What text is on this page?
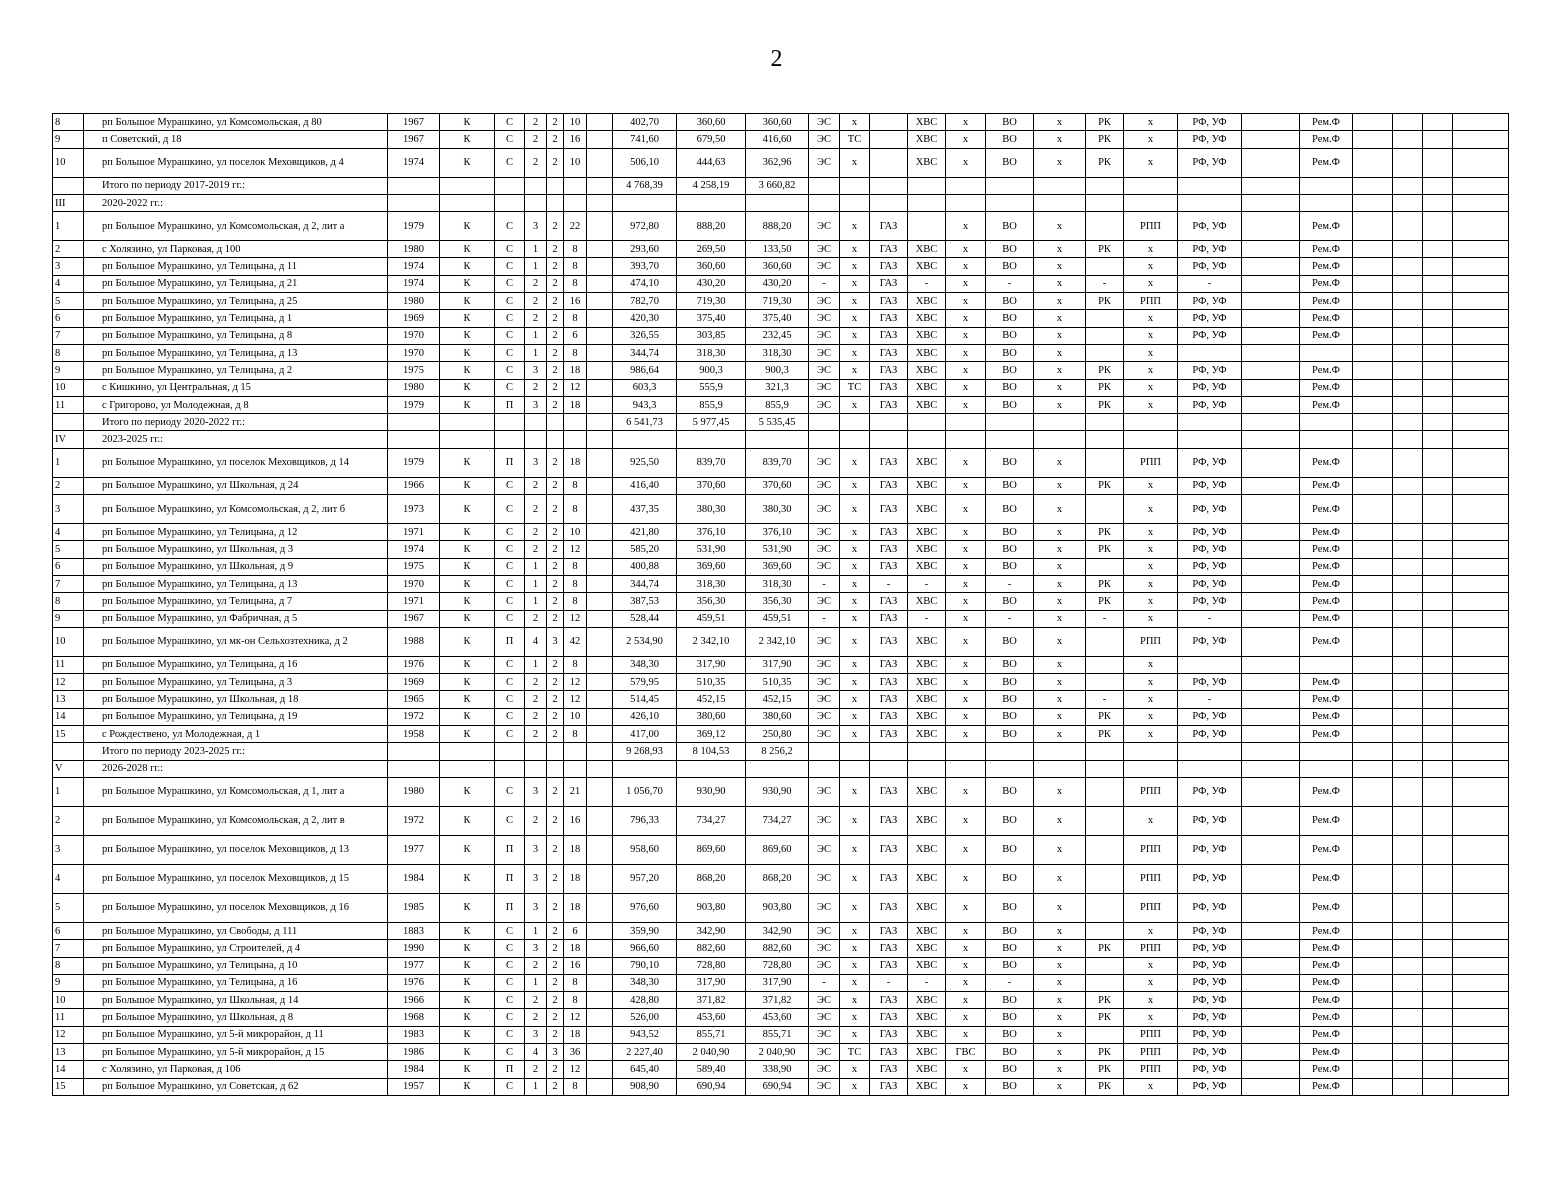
2
8	рп Большое Мурашкино, ул Комсомольская, д 80	1967	К	С	2	2	10		402,70	360,60	360,60	ЭС	х		ХВС	х	ВО	х	РК	х	РФ, УФ		Рем.Ф				
9	п Советский, д 18	1967	К	С	2	2	16		741,60	679,50	416,60	ЭС	ТС		ХВС	х	ВО	х	РК	х	РФ, УФ		Рем.Ф				
10	рп Большое Мурашкино, ул поселок Меховщиков, д 4	1974	К	С	2	2	10		506,10	444,63	362,96	ЭС	х		ХВС	х	ВО	х	РК	х	РФ, УФ		Рем.Ф				
	Итого по периоду 2017-2019 гг.:								4 768,39	4 258,19	3 660,82																
III	2020-2022 гг.:																										
1	рп Большое Мурашкино, ул Комсомольская, д 2, лит а	1979	К	С	3	2	22		972,80	888,20	888,20	ЭС	х	ГАЗ		х	ВО	х		РПП	РФ, УФ		Рем.Ф				
2	с Холязино, ул Парковая, д 100	1980	К	С	1	2	8		293,60	269,50	133,50	ЭС	х	ГАЗ	ХВС	х	ВО	х	РК	х	РФ, УФ		Рем.Ф				
3	рп Большое Мурашкино, ул Телицына, д 11	1974	К	С	1	2	8		393,70	360,60	360,60	ЭС	х	ГАЗ	ХВС	х	ВО	х		х	РФ, УФ		Рем.Ф				
4	рп Большое Мурашкино, ул Телицына, д 21	1974	К	С	2	2	8		474,10	430,20	430,20	-	х	ГАЗ	-	х	-	х	-	х	-		Рем.Ф				
5	рп Большое Мурашкино, ул Телицына, д 25	1980	К	С	2	2	16		782,70	719,30	719,30	ЭС	х	ГАЗ	ХВС	х	ВО	х	РК	РПП	РФ, УФ		Рем.Ф				
6	рп Большое Мурашкино, ул Телицына, д 1	1969	К	С	2	2	8		420,30	375,40	375,40	ЭС	х	ГАЗ	ХВС	х	ВО	х		х	РФ, УФ		Рем.Ф				
7	рп Большое Мурашкино, ул Телицына, д 8	1970	К	С	1	2	6		326,55	303,85	232,45	ЭС	х	ГАЗ	ХВС	х	ВО	х		х	РФ, УФ		Рем.Ф				
8	рп Большое Мурашкино, ул Телицына, д 13	1970	К	С	1	2	8		344,74	318,30	318,30	ЭС	х	ГАЗ	ХВС	х	ВО	х		х							
9	рп Большое Мурашкино, ул Телицына, д 2	1975	К	С	3	2	18		986,64	900,3	900,3	ЭС	х	ГАЗ	ХВС	х	ВО	х	РК	х	РФ, УФ		Рем.Ф				
10	с Кишкино, ул Центральная, д 15	1980	К	С	2	2	12		603,3	555,9	321,3	ЭС	ТС	ГАЗ	ХВС	х	ВО	х	РК	х	РФ, УФ		Рем.Ф				
11	с Григорово, ул Молодежная, д 8	1979	К	П	3	2	18		943,3	855,9	855,9	ЭС	х	ГАЗ	ХВС	х	ВО	х	РК	х	РФ, УФ		Рем.Ф				
	Итого по периоду 2020-2022 гг.:								6 541,73	5 977,45	5 535,45																
IV	2023-2025 гг.:																										
1	рп Большое Мурашкино, ул поселок Меховщиков, д 14	1979	К	П	3	2	18		925,50	839,70	839,70	ЭС	х	ГАЗ	ХВС	х	ВО	х		РПП	РФ, УФ		Рем.Ф				
2	рп Большое Мурашкино, ул Школьная, д 24	1966	К	С	2	2	8		416,40	370,60	370,60	ЭС	х	ГАЗ	ХВС	х	ВО	х	РК	х	РФ, УФ		Рем.Ф				
3	рп Большое Мурашкино, ул Комсомольская, д 2, лит б	1973	К	С	2	2	8		437,35	380,30	380,30	ЭС	х	ГАЗ	ХВС	х	ВО	х		х	РФ, УФ		Рем.Ф				
4	рп Большое Мурашкино, ул Телицына, д 12	1971	К	С	2	2	10		421,80	376,10	376,10	ЭС	х	ГАЗ	ХВС	х	ВО	х	РК	х	РФ, УФ		Рем.Ф				
5	рп Большое Мурашкино, ул Школьная, д 3	1974	К	С	2	2	12		585,20	531,90	531,90	ЭС	х	ГАЗ	ХВС	х	ВО	х	РК	х	РФ, УФ		Рем.Ф				
6	рп Большое Мурашкино, ул Школьная, д 9	1975	К	С	1	2	8		400,88	369,60	369,60	ЭС	х	ГАЗ	ХВС	х	ВО	х		х	РФ, УФ		Рем.Ф				
7	рп Большое Мурашкино, ул Телицына, д 13	1970	К	С	1	2	8		344,74	318,30	318,30	-	х	-	-	х	-	х	РК	х	РФ, УФ		Рем.Ф				
8	рп Большое Мурашкино, ул Телицына, д 7	1971	К	С	1	2	8		387,53	356,30	356,30	ЭС	х	ГАЗ	ХВС	х	ВО	х	РК	х	РФ, УФ		Рем.Ф				
9	рп Большое Мурашкино, ул Фабричная, д 5	1967	К	С	2	2	12		528,44	459,51	459,51	-	х	ГАЗ	-	х	-	х	-	х	-		Рем.Ф				
10	рп Большое Мурашкино, ул мк-он Сельхозтехника, д 2	1988	К	П	4	3	42		2 534,90	2 342,10	2 342,10	ЭС	х	ГАЗ	ХВС	х	ВО	х		РПП	РФ, УФ		Рем.Ф				
11	рп Большое Мурашкино, ул Телицына, д 16	1976	К	С	1	2	8		348,30	317,90	317,90	ЭС	х	ГАЗ	ХВС	х	ВО	х		х							
12	рп Большое Мурашкино, ул Телицына, д 3	1969	К	С	2	2	12		579,95	510,35	510,35	ЭС	х	ГАЗ	ХВС	х	ВО	х		х	РФ, УФ		Рем.Ф				
13	рп Большое Мурашкино, ул Школьная, д 18	1965	К	С	2	2	12		514,45	452,15	452,15	ЭС	х	ГАЗ	ХВС	х	ВО	х	-	х	-		Рем.Ф				
14	рп Большое Мурашкино, ул Телицына, д 19	1972	К	С	2	2	10		426,10	380,60	380,60	ЭС	х	ГАЗ	ХВС	х	ВО	х	РК	х	РФ, УФ		Рем.Ф				
15	с Рождествено, ул Молодежная, д 1	1958	К	С	2	2	8		417,00	369,12	250,80	ЭС	х	ГАЗ	ХВС	х	ВО	х	РК	х	РФ, УФ		Рем.Ф				
	Итого по периоду 2023-2025 гг.:								9 268,93	8 104,53	8 256,2																
V	2026-2028 гг.:																										
1	рп Большое Мурашкино, ул Комсомольская, д 1, лит а	1980	К	С	3	2	21		1 056,70	930,90	930,90	ЭС	х	ГАЗ	ХВС	х	ВО	х		РПП	РФ, УФ		Рем.Ф				
2	рп Большое Мурашкино, ул Комсомольская, д 2, лит в	1972	К	С	2	2	16		796,33	734,27	734,27	ЭС	х	ГАЗ	ХВС	х	ВО	х		х	РФ, УФ		Рем.Ф				
3	рп Большое Мурашкино, ул поселок Меховщиков, д 13	1977	К	П	3	2	18		958,60	869,60	869,60	ЭС	х	ГАЗ	ХВС	х	ВО	х		РПП	РФ, УФ		Рем.Ф				
4	рп Большое Мурашкино, ул поселок Меховщиков, д 15	1984	К	П	3	2	18		957,20	868,20	868,20	ЭС	х	ГАЗ	ХВС	х	ВО	х		РПП	РФ, УФ		Рем.Ф				
5	рп Большое Мурашкино, ул поселок Меховщиков, д 16	1985	К	П	3	2	18		976,60	903,80	903,80	ЭС	х	ГАЗ	ХВС	х	ВО	х		РПП	РФ, УФ		Рем.Ф				
6	рп Большое Мурашкино, ул Свободы, д 111	1883	К	С	1	2	6		359,90	342,90	342,90	ЭС	х	ГАЗ	ХВС	х	ВО	х		х	РФ, УФ		Рем.Ф				
7	рп Большое Мурашкино, ул Строителей, д 4	1990	К	С	3	2	18		966,60	882,60	882,60	ЭС	х	ГАЗ	ХВС	х	ВО	х	РК	РПП	РФ, УФ		Рем.Ф				
8	рп Большое Мурашкино, ул Телицына, д 10	1977	К	С	2	2	16		790,10	728,80	728,80	ЭС	х	ГАЗ	ХВС	х	ВО	х		х	РФ, УФ		Рем.Ф				
9	рп Большое Мурашкино, ул Телицына, д 16	1976	К	С	1	2	8		348,30	317,90	317,90	-	х	-	-	х	-	х		х	РФ, УФ		Рем.Ф				
10	рп Большое Мурашкино, ул Школьная, д 14	1966	К	С	2	2	8		428,80	371,82	371,82	ЭС	х	ГАЗ	ХВС	х	ВО	х	РК	х	РФ, УФ		Рем.Ф				
11	рп Большое Мурашкино, ул Школьная, д 8	1968	К	С	2	2	12		526,00	453,60	453,60	ЭС	х	ГАЗ	ХВС	х	ВО	х	РК	х	РФ, УФ		Рем.Ф				
12	рп Большое Мурашкино, ул 5-й микрорайон, д 11	1983	К	С	3	2	18		943,52	855,71	855,71	ЭС	х	ГАЗ	ХВС	х	ВО	х		РПП	РФ, УФ		Рем.Ф				
13	рп Большое Мурашкино, ул 5-й микрорайон, д 15	1986	К	С	4	3	36		2 227,40	2 040,90	2 040,90	ЭС	ТС	ГАЗ	ХВС	ГВС	ВО	х	РК	РПП	РФ, УФ		Рем.Ф				
14	с Холязино, ул Парковая, д 106	1984	К	П	2	2	12		645,40	589,40	338,90	ЭС	х	ГАЗ	ХВС	х	ВО	х	РК	РПП	РФ, УФ		Рем.Ф				
15	рп Большое Мурашкино, ул Советская, д 62	1957	К	С	1	2	8		908,90	690,94	690,94	ЭС	х	ГАЗ	ХВС	х	ВО	х	РК	х	РФ, УФ		Рем.Ф				
